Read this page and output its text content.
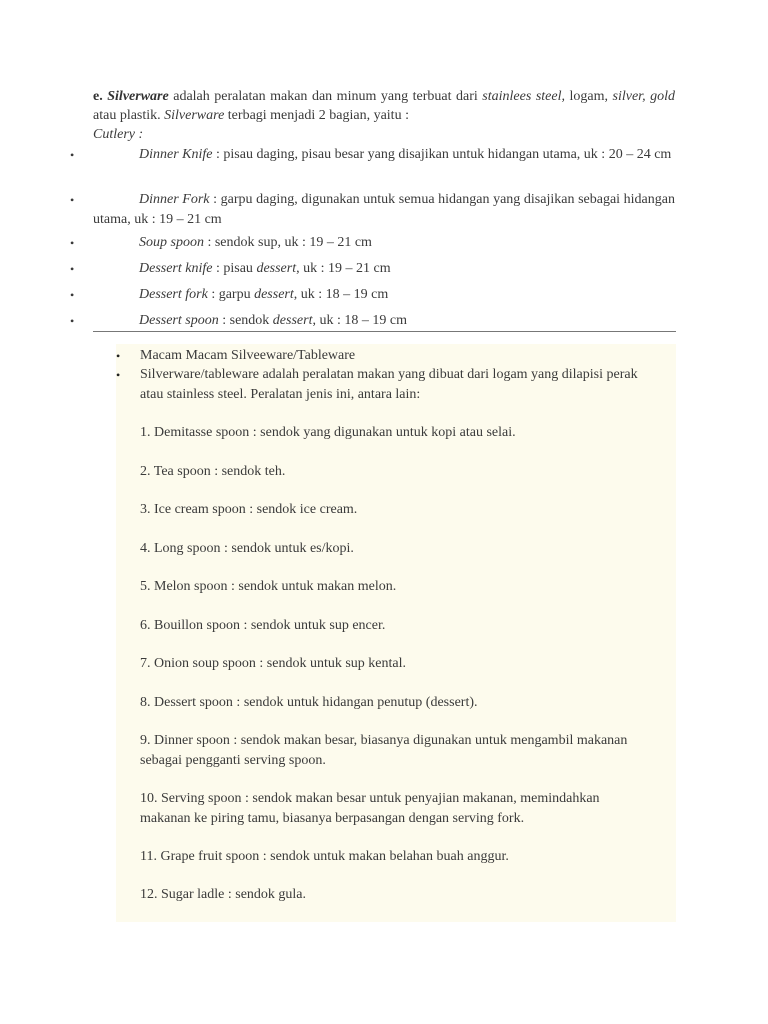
e. Silverware adalah peralatan makan dan minum yang terbuat dari stainlees steel, logam, silver, gold atau plastik. Silverware terbagi menjadi 2 bagian, yaitu :
Cutlery :
•	Dinner Knife : pisau daging, pisau besar yang disajikan untuk hidangan utama, uk : 20 – 24 cm
•	Dinner Fork : garpu daging, digunakan untuk semua hidangan yang disajikan sebagai hidangan utama, uk : 19 – 21 cm
•	Soup spoon : sendok sup, uk : 19 – 21 cm
•	Dessert knife : pisau dessert, uk : 19 – 21 cm
•	Dessert fork : garpu dessert, uk : 18 – 19 cm
•	Dessert spoon : sendok dessert, uk : 18 – 19 cm
• Macam Macam Silveeware/Tableware
• Silverware/tableware adalah peralatan makan yang dibuat dari logam yang dilapisi perak atau stainless steel. Peralatan jenis ini, antara lain:
1. Demitasse spoon : sendok yang digunakan untuk kopi atau selai.
2. Tea spoon : sendok teh.
3. Ice cream spoon : sendok ice cream.
4. Long spoon : sendok untuk es/kopi.
5. Melon spoon : sendok untuk makan melon.
6. Bouillon spoon : sendok untuk sup encer.
7. Onion soup spoon : sendok untuk sup kental.
8. Dessert spoon : sendok untuk hidangan penutup (dessert).
9. Dinner spoon : sendok makan besar, biasanya digunakan untuk mengambil makanan sebagai pengganti serving spoon.
10. Serving spoon : sendok makan besar untuk penyajian makanan, memindahkan makanan ke piring tamu, biasanya berpasangan dengan serving fork.
11. Grape fruit spoon : sendok untuk makan belahan buah anggur.
12. Sugar ladle : sendok gula.
